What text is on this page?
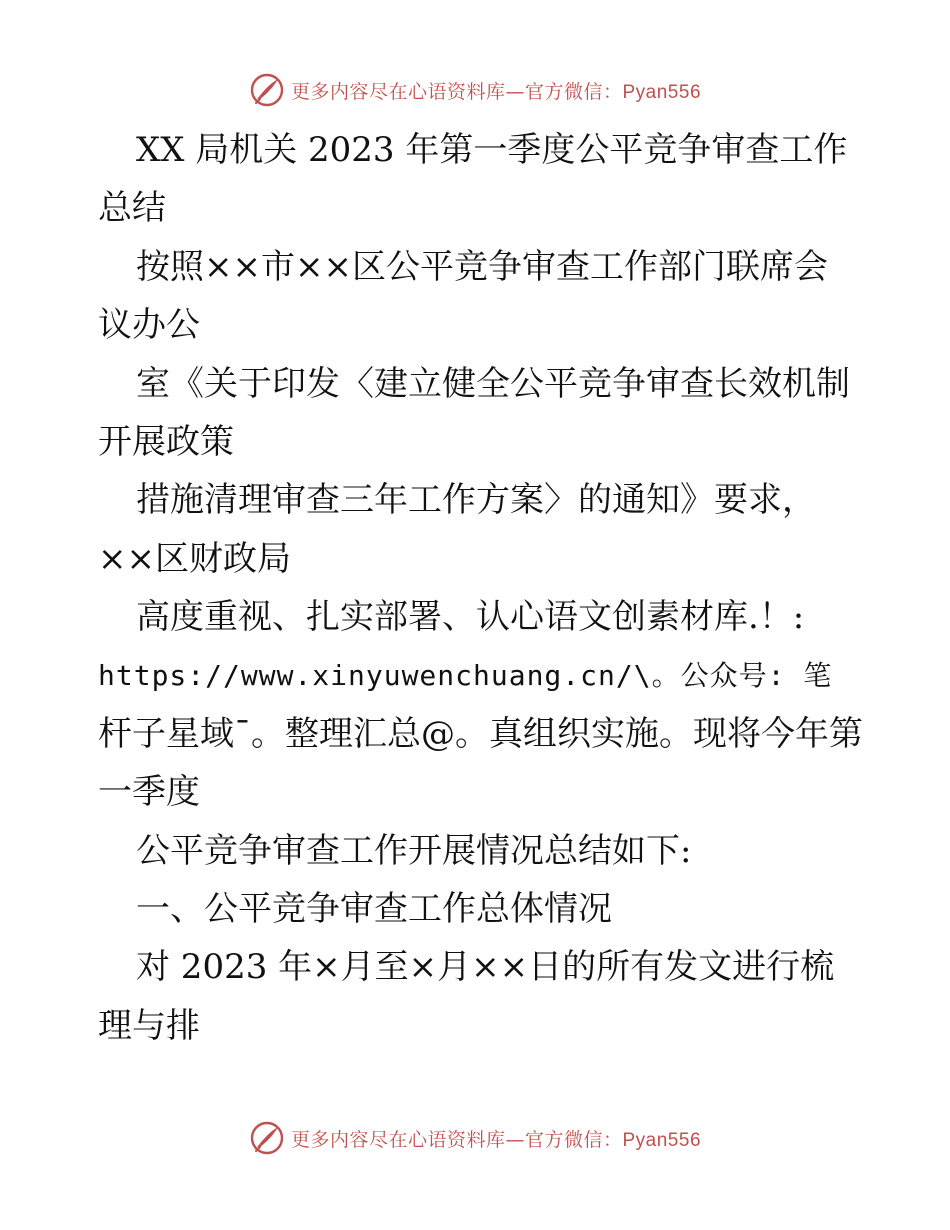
更多内容尽在心语资料库—官方微信：Pyan556
XX 局机关 2023 年第一季度公平竞争审查工作
总结
按照××市××区公平竞争审查工作部门联席会
议办公
室《关于印发〈建立健全公平竞争审查长效机制
开展政策
措施清理审查三年工作方案〉的通知》要求，
××区财政局
高度重视、扎实部署、认心语文创素材库.！:
https://www.xinyuwenchuang.cn/\。公众号: 笔
杆子星域¯。整理汇总@。真组织实施。现将今年第
一季度
公平竞争审查工作开展情况总结如下:
一、公平竞争审查工作总体情况
对 2023 年×月至×月××日的所有发文进行梳
理与排
更多内容尽在心语资料库—官方微信：Pyan556
